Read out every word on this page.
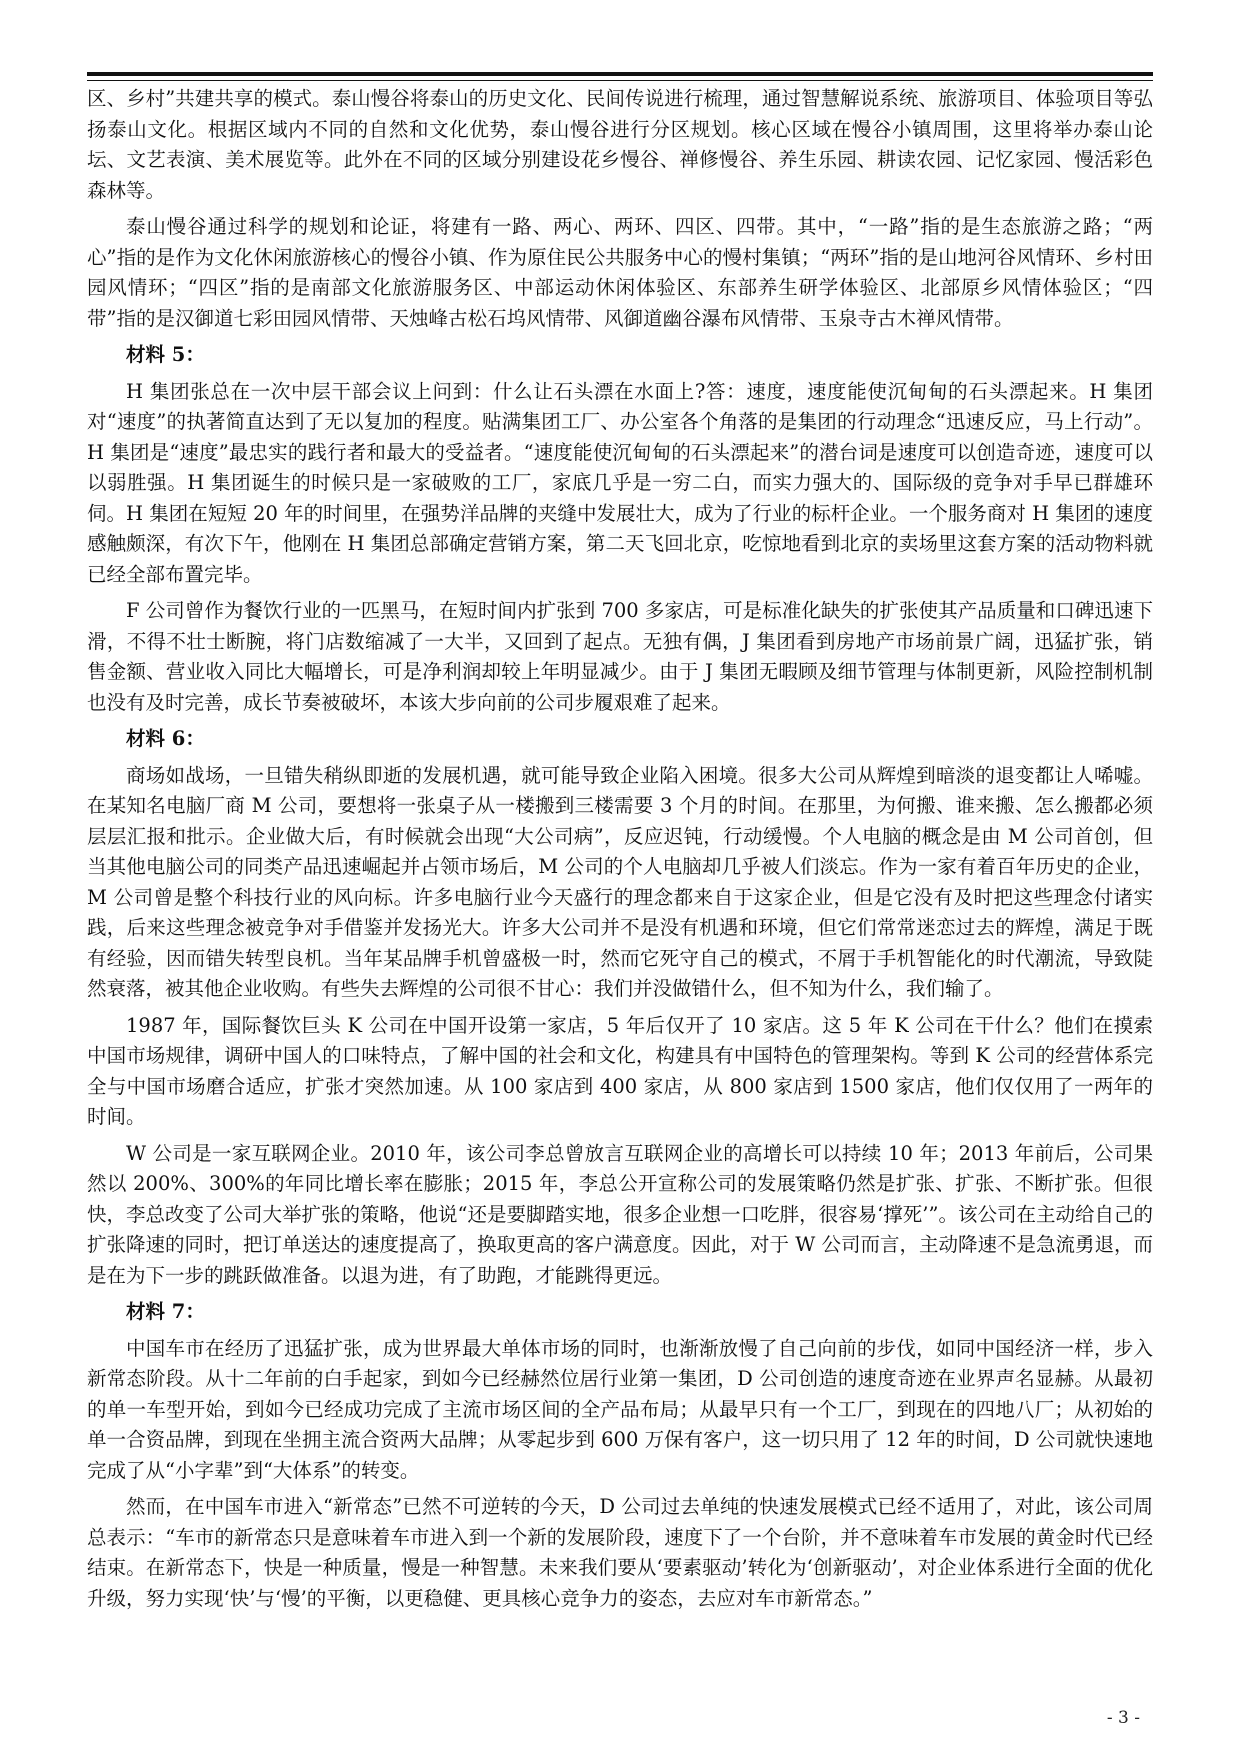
区、乡村”共建共享的模式。泰山慢谷将泰山的历史文化、民间传说进行梳理，通过智慧解说系统、旅游项目、体验项目等弘扬泰山文化。根据区域内不同的自然和文化优势，泰山慢谷进行分区规划。核心区域在慢谷小镇周围，这里将举办泰山论坛、文艺表演、美术展览等。此外在不同的区域分别建设花乡慢谷、禅修慢谷、养生乐园、耕读农园、记忆家园、慢活彩色森林等。

泰山慢谷通过科学的规划和论证，将建有一路、两心、两环、四区、四带。其中，“一路”指的是生态旅游之路；“两心”指的是作为文化休闲旅游核心的慢谷小镇、作为原住民公共服务中心的慢村集镇；“两环”指的是山地河谷风情环、乡村田园风情环；“四区”指的是南部文化旅游服务区、中部运动休闲体验区、东部养生研学体验区、北部原乡风情体验区；“四带”指的是汉御道七彩田园风情带、天烛峰古松石坞风情带、风御道幽谷瀑布风情带、玉泉寺古木禅风情带。

材料 5：

H 集团张总在一次中层干部会议上问到：什么让石头漂在水面上?答：速度，速度能使沉甸甸的石头漂起来。H 集团对“速度”的执著简直达到了无以复加的程度。贴满集团工厂、办公室各个角落的是集团的行动理念“迅速反应，马上行动”。H 集团是“速度”最忠实的践行者和最大的受益者。“速度能使沉甸甸的石头漂起来”的潜台词是速度可以创造奇迹，速度可以以弱胜强。H 集团诞生的时候只是一家破败的工厂，家底几乎是一穷二白，而实力强大的、国际级的竞争对手早已群雄环伺。H 集团在短短 20 年的时间里，在强势洋品牌的夹缝中发展壮大，成为了行业的标杆企业。一个服务商对 H 集团的速度感触颇深，有次下午，他刚在 H 集团总部确定营销方案，第二天飞回北京，吃惊地看到北京的卖场里这套方案的活动物料就已经全部布置完毕。

F 公司曾作为餐饮行业的一匹黑马，在短时间内扩张到 700 多家店，可是标准化缺失的扩张使其产品质量和口碑迅速下滑，不得不壮士断腕，将门店数缩减了一大半，又回到了起点。无独有偶，J 集团看到房地产市场前景广阔，迅猛扩张，销售金额、营业收入同比大幅增长，可是净利润却较上年明显减少。由于 J 集团无暇顾及细节管理与体制更新，风险控制机制也没有及时完善，成长节奏被破坏，本该大步向前的公司步履艰难了起来。

材料 6：

商场如战场，一旦错失稍纵即逝的发展机遇，就可能导致企业陷入困境。很多大公司从辉煌到暗淡的退变都让人唏嘘。在某知名电脑厂商 M 公司，要想将一张桌子从一楼搬到三楼需要 3 个月的时间。在那里，为何搬、谁来搬、怎么搬都必须层层汇报和批示。企业做大后，有时候就会出现“大公司病”，反应迟钝，行动缓慢。个人电脑的概念是由 M 公司首创，但当其他电脑公司的同类产品迅速崛起并占领市场后，M 公司的个人电脑却几乎被人们淡忘。作为一家有着百年历史的企业，M 公司曾是整个科技行业的风向标。许多电脑行业今天盛行的理念都来自于这家企业，但是它没有及时把这些理念付诸实践，后来这些理念被竞争对手借鉴并发扬光大。许多大公司并不是没有机遇和环境，但它们常常迷恋过去的辉煌，满足于既有经验，因而错失转型良机。当年某品牌手机曾盛极一时，然而它死守自己的模式，不屑于手机智能化的时代潮流，导致陡然衰落，被其他企业收购。有些失去辉煌的公司很不甘心：我们并没做错什么，但不知为什么，我们输了。

1987 年，国际餐饮巨头 K 公司在中国开设第一家店，5 年后仅开了 10 家店。这 5 年 K 公司在干什么？他们在摸索中国市场规律，调研中国人的口味特点，了解中国的社会和文化，构建具有中国特色的管理架构。等到 K 公司的经营体系完全与中国市场磨合适应，扩张才突然加速。从 100 家店到 400 家店，从 800 家店到 1500 家店，他们仅仅用了一两年的时间。

W 公司是一家互联网企业。2010 年，该公司李总曾放言互联网企业的高增长可以持续 10 年；2013 年前后，公司果然以 200%、300%的年同比增长率在膨胀；2015 年，李总公开宣称公司的发展策略仍然是扩张、扩张、不断扩张。但很快，李总改变了公司大举扩张的策略，他说“还是要脚踏实地，很多企业想一口吃胖，很容易‘撑死’”。该公司在主动给自己的扩张降速的同时，把订单送达的速度提高了，换取更高的客户满意度。因此，对于 W 公司而言，主动降速不是急流勇退，而是在为下一步的跳跃做准备。以退为进，有了助跑，才能跳得更远。

材料 7：

中国车市在经历了迅猛扩张，成为世界最大单体市场的同时，也渐渐放慢了自己向前的步伐，如同中国经济一样，步入新常态阶段。从十二年前的白手起家，到如今已经赫然位居行业第一集团，D 公司创造的速度奇迹在业界声名显赫。从最初的单一车型开始，到如今已经成功完成了主流市场区间的全产品布局；从最早只有一个工厂，到现在的四地八厂；从初始的单一合资品牌，到现在坐拥主流合资两大品牌；从零起步到 600 万保有客户，这一切只用了 12 年的时间，D 公司就快速地完成了从“小字辈”到“大体系”的转变。

然而，在中国车市进入“新常态”已然不可逆转的今天，D 公司过去单纯的快速发展模式已经不适用了，对此，该公司周总表示：“车市的新常态只是意味着车市进入到一个新的发展阶段，速度下了一个台阶，并不意味着车市发展的黄金时代已经结束。在新常态下，快是一种质量，慢是一种智慧。未来我们要从‘要素驱动’转化为‘创新驱动’，对企业体系进行全面的优化升级，努力实现‘快’与‘慢’的平衡，以更稳健、更具核心竞争力的姿态，去应对车市新常态。”

- 3 -
